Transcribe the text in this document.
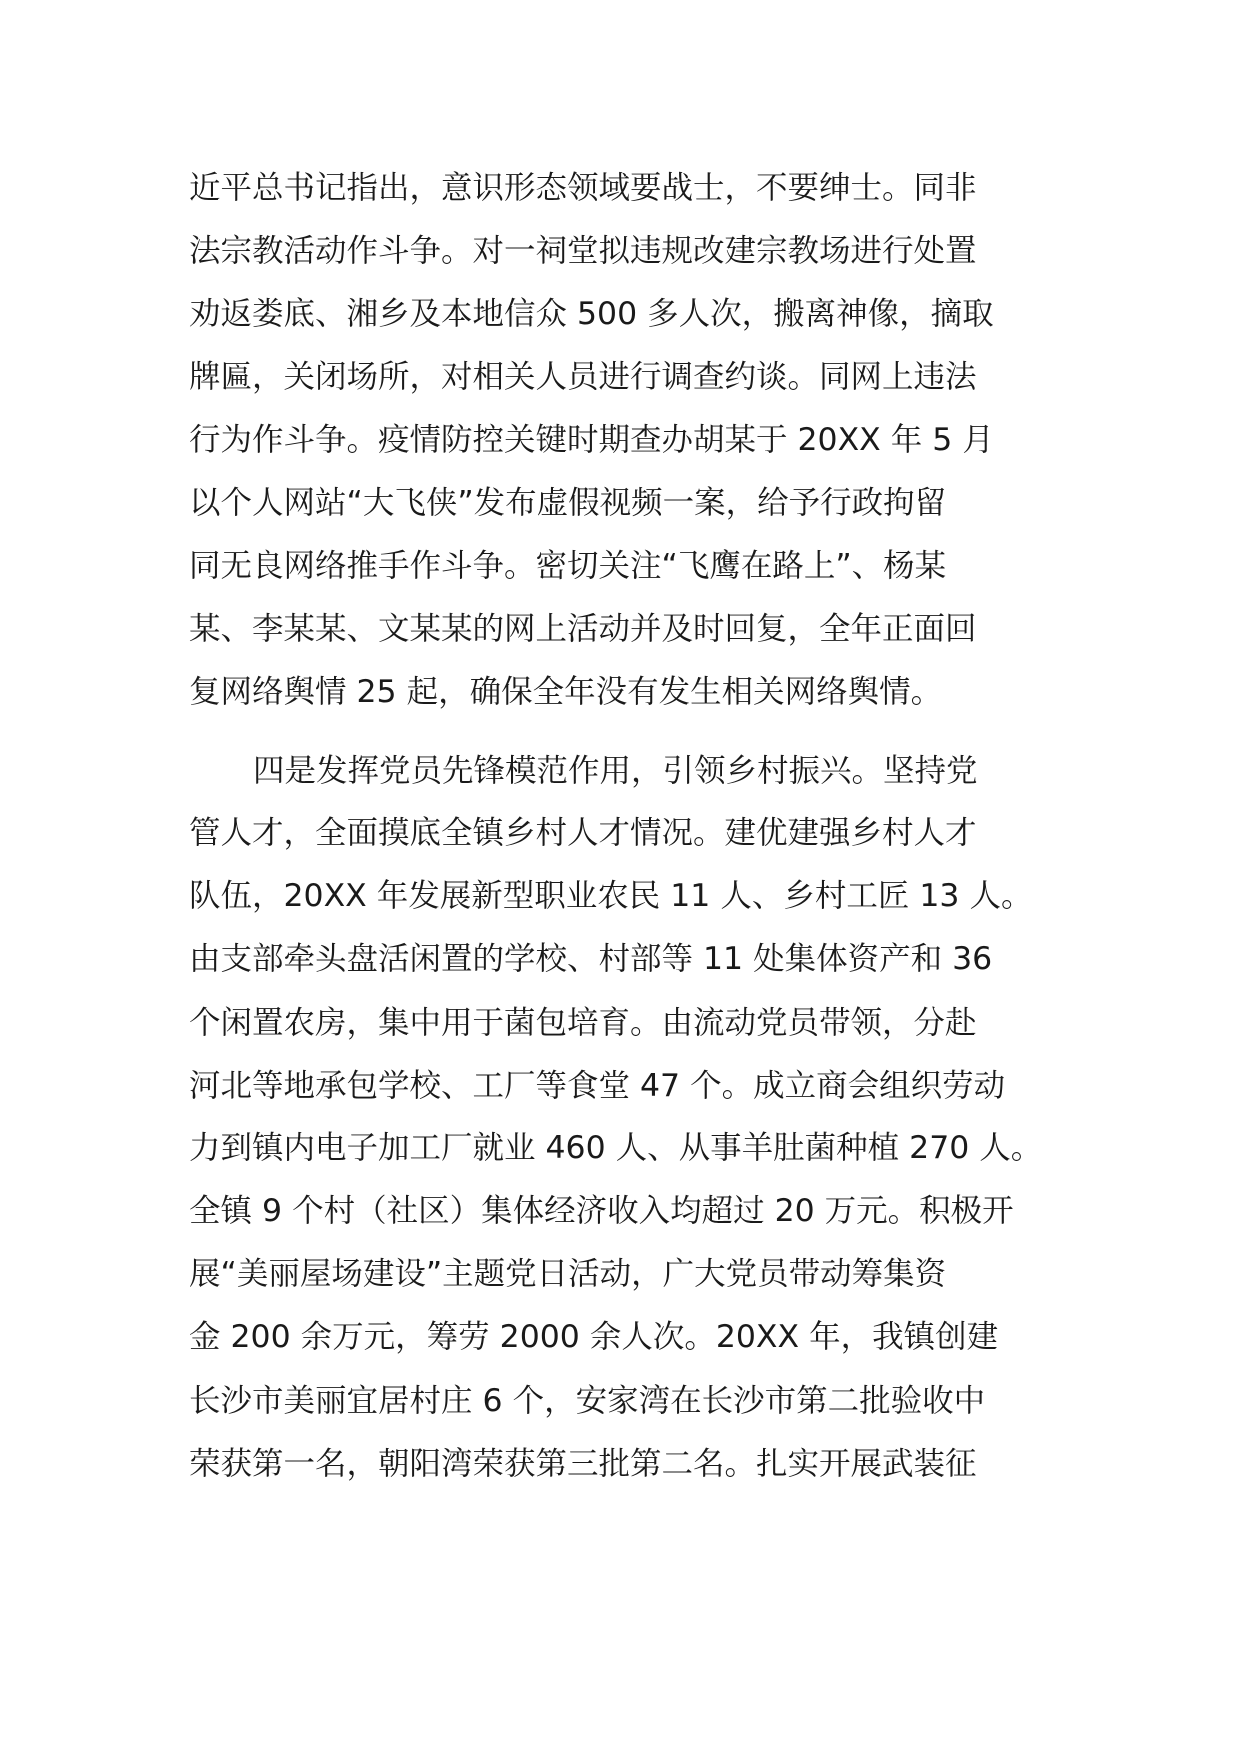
近平总书记指出，意识形态领域要战士，不要绅士。同非
法宗教活动作斗争。对一祠堂拟违规改建宗教场进行处置
劝返娄底、湘乡及本地信众 500 多人次，搬离神像，摘取
牌匾，关闭场所，对相关人员进行调查约谈。同网上违法
行为作斗争。疫情防控关键时期查办胡某于 20XX 年 5 月
以个人网站“大飞侠”发布虚假视频一案，给予行政拘留
同无良网络推手作斗争。密切关注“飞鹰在路上”、杨某
某、李某某、文某某的网上活动并及时回复，全年正面回
复网络舆情 25 起，确保全年没有发生相关网络舆情。
四是发挥党员先锋模范作用，引领乡村振兴。坚持党
管人才，全面摸底全镇乡村人才情况。建优建强乡村人才
队伍，20XX 年发展新型职业农民 11 人、乡村工匠 13 人。
由支部牵头盘活闲置的学校、村部等 11 处集体资产和 36
个闲置农房，集中用于菌包培育。由流动党员带领，分赴
河北等地承包学校、工厂等食堂 47 个。成立商会组织劳动
力到镇内电子加工厂就业 460 人、从事羊肚菌种植 270 人。
全镇 9 个村（社区）集体经济收入均超过 20 万元。积极开
展“美丽屋场建设”主题党日活动，广大党员带动筹集资
金 200 余万元，筹劳 2000 余人次。20XX 年，我镇创建
长沙市美丽宜居村庄 6 个，安家湾在长沙市第二批验收中
荣获第一名，朝阳湾荣获第三批第二名。扎实开展武装征
